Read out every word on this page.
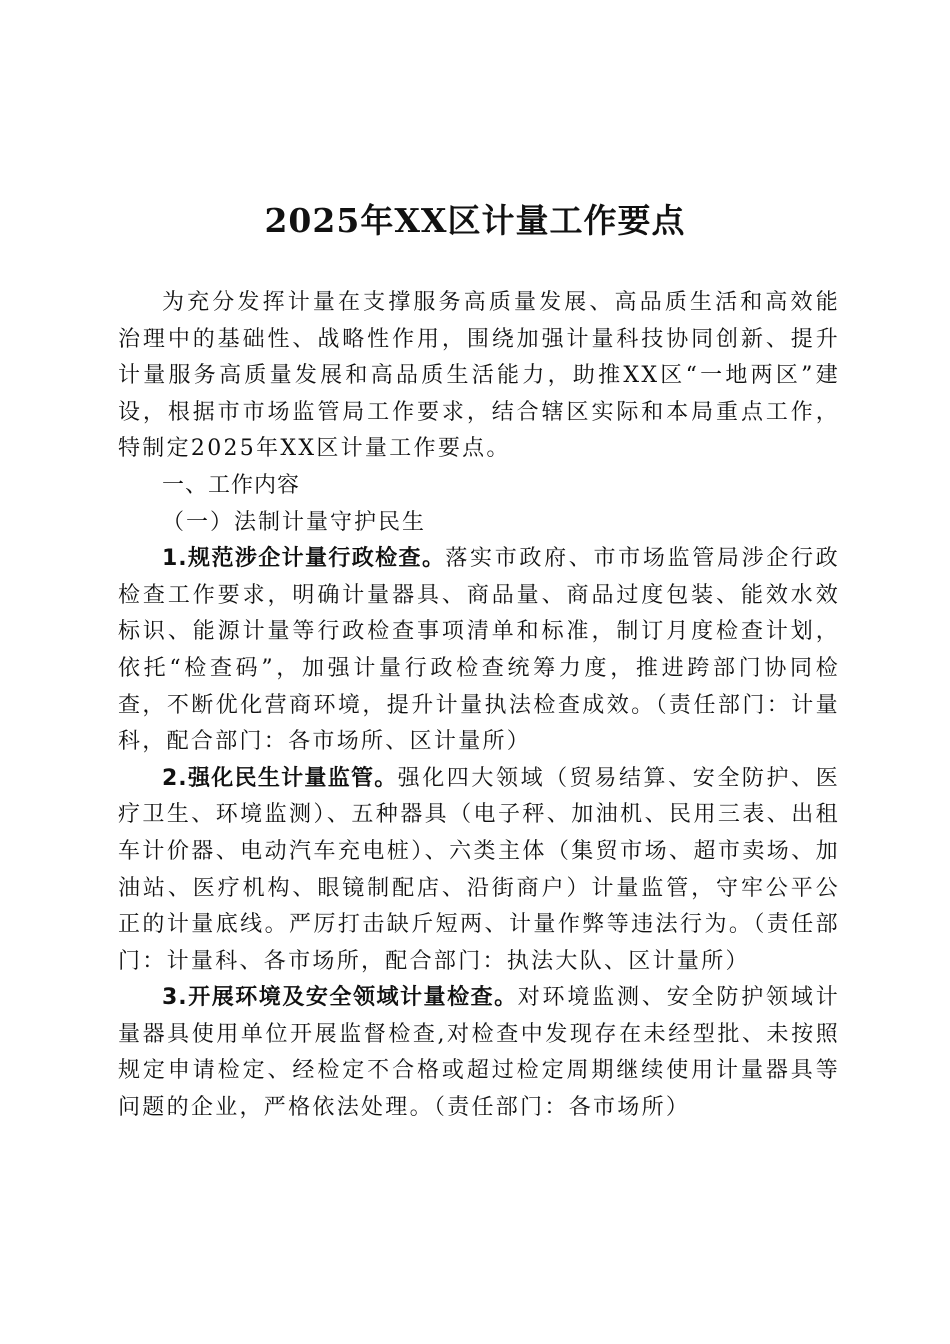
2025年XX区计量工作要点

为充分发挥计量在支撑服务高质量发展、高品质生活和高效能治理中的基础性、战略性作用，围绕加强计量科技协同创新、提升计量服务高质量发展和高品质生活能力，助推XX区“一地两区”建设，根据市市场监管局工作要求，结合辖区实际和本局重点工作，特制定2025年XX区计量工作要点。

一、工作内容

（一）法制计量守护民生

1.规范涉企计量行政检查。落实市政府、市市场监管局涉企行政检查工作要求，明确计量器具、商品量、商品过度包装、能效水效标识、能源计量等行政检查事项清单和标准，制订月度检查计划，依托“检查码”，加强计量行政检查统筹力度，推进跨部门协同检查，不断优化营商环境，提升计量执法检查成效。（责任部门：计量科，配合部门：各市场所、区计量所）

2.强化民生计量监管。强化四大领域（贸易结算、安全防护、医疗卫生、环境监测）、五种器具（电子秤、加油机、民用三表、出租车计价器、电动汽车充电桩）、六类主体（集贸市场、超市卖场、加油站、医疗机构、眼镜制配店、沿街商户）计量监管，守牢公平公正的计量底线。严厉打击缺斤短两、计量作弊等违法行为。（责任部门：计量科、各市场所，配合部门：执法大队、区计量所）

3.开展环境及安全领域计量检查。对环境监测、安全防护领域计量器具使用单位开展监督检查,对检查中发现存在未经型批、未按照规定申请检定、经检定不合格或超过检定周期继续使用计量器具等问题的企业，严格依法处理。（责任部门：各市场所）
